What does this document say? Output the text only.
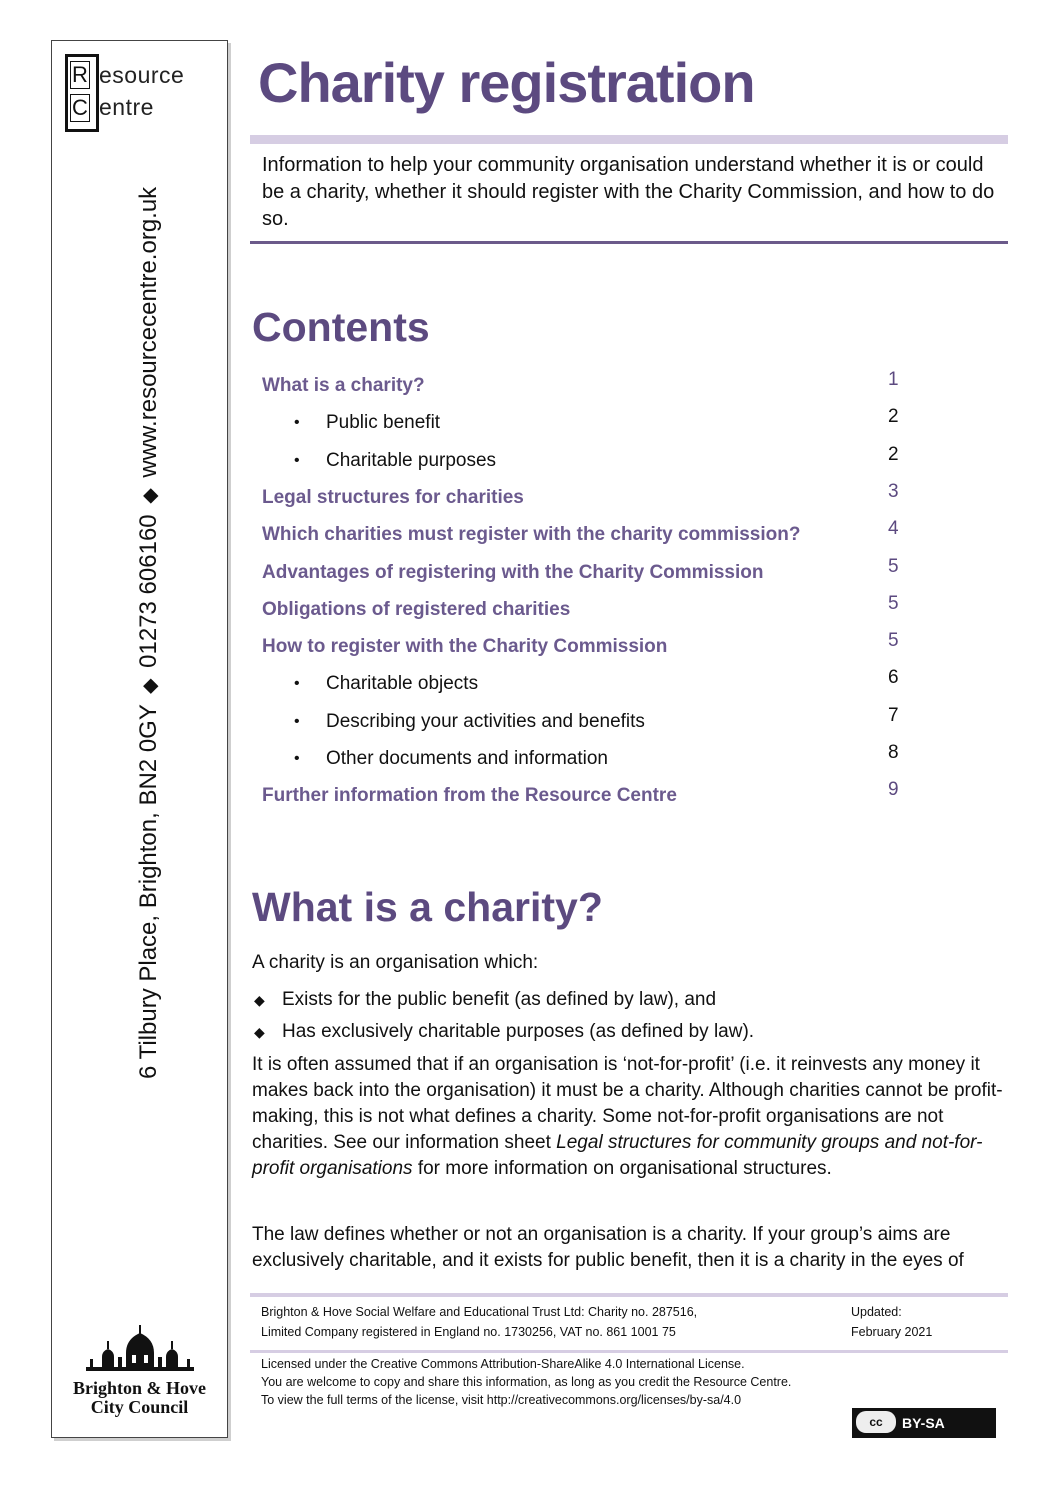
R
C
esource
entre
6 Tilbury Place, Brighton, BN2 0GY ◆ 01273 606160 ◆ www.resourcecentre.org.uk
Brighton & Hove
City Council
Charity registration

Information to help your community organisation understand whether it is or could be a charity, whether it should register with the Charity Commission, and how to do so.

Contents
What is a charity?	1
• Public benefit	2
• Charitable purposes	2
Legal structures for charities	3
Which charities must register with the charity commission?	4
Advantages of registering with the Charity Commission	5
Obligations of registered charities	5
How to register with the Charity Commission	5
• Charitable objects	6
• Describing your activities and benefits	7
• Other documents and information	8
Further information from the Resource Centre	9
What is a charity?

A charity is an organisation which:

◆ Exists for the public benefit (as defined by law), and
◆ Has exclusively charitable purposes (as defined by law).

It is often assumed that if an organisation is ‘not-for-profit’ (i.e. it reinvests any money it makes back into the organisation) it must be a charity. Although charities cannot be profit-making, this is not what defines a charity. Some not-for-profit organisations are not charities. See our information sheet Legal structures for community groups and not-for-profit organisations for more information on organisational structures.

The law defines whether or not an organisation is a charity. If your group’s aims are exclusively charitable, and it exists for public benefit, then it is a charity in the eyes of

Brighton & Hove Social Welfare and Educational Trust Ltd: Charity no. 287516,
Limited Company registered in England no. 1730256, VAT no. 861 1001 75
Updated:
February 2021
Licensed under the Creative Commons Attribution-ShareAlike 4.0 International License.
You are welcome to copy and share this information, as long as you credit the Resource Centre.
To view the full terms of the license, visit http://creativecommons.org/licenses/by-sa/4.0
cc	BY-SA
